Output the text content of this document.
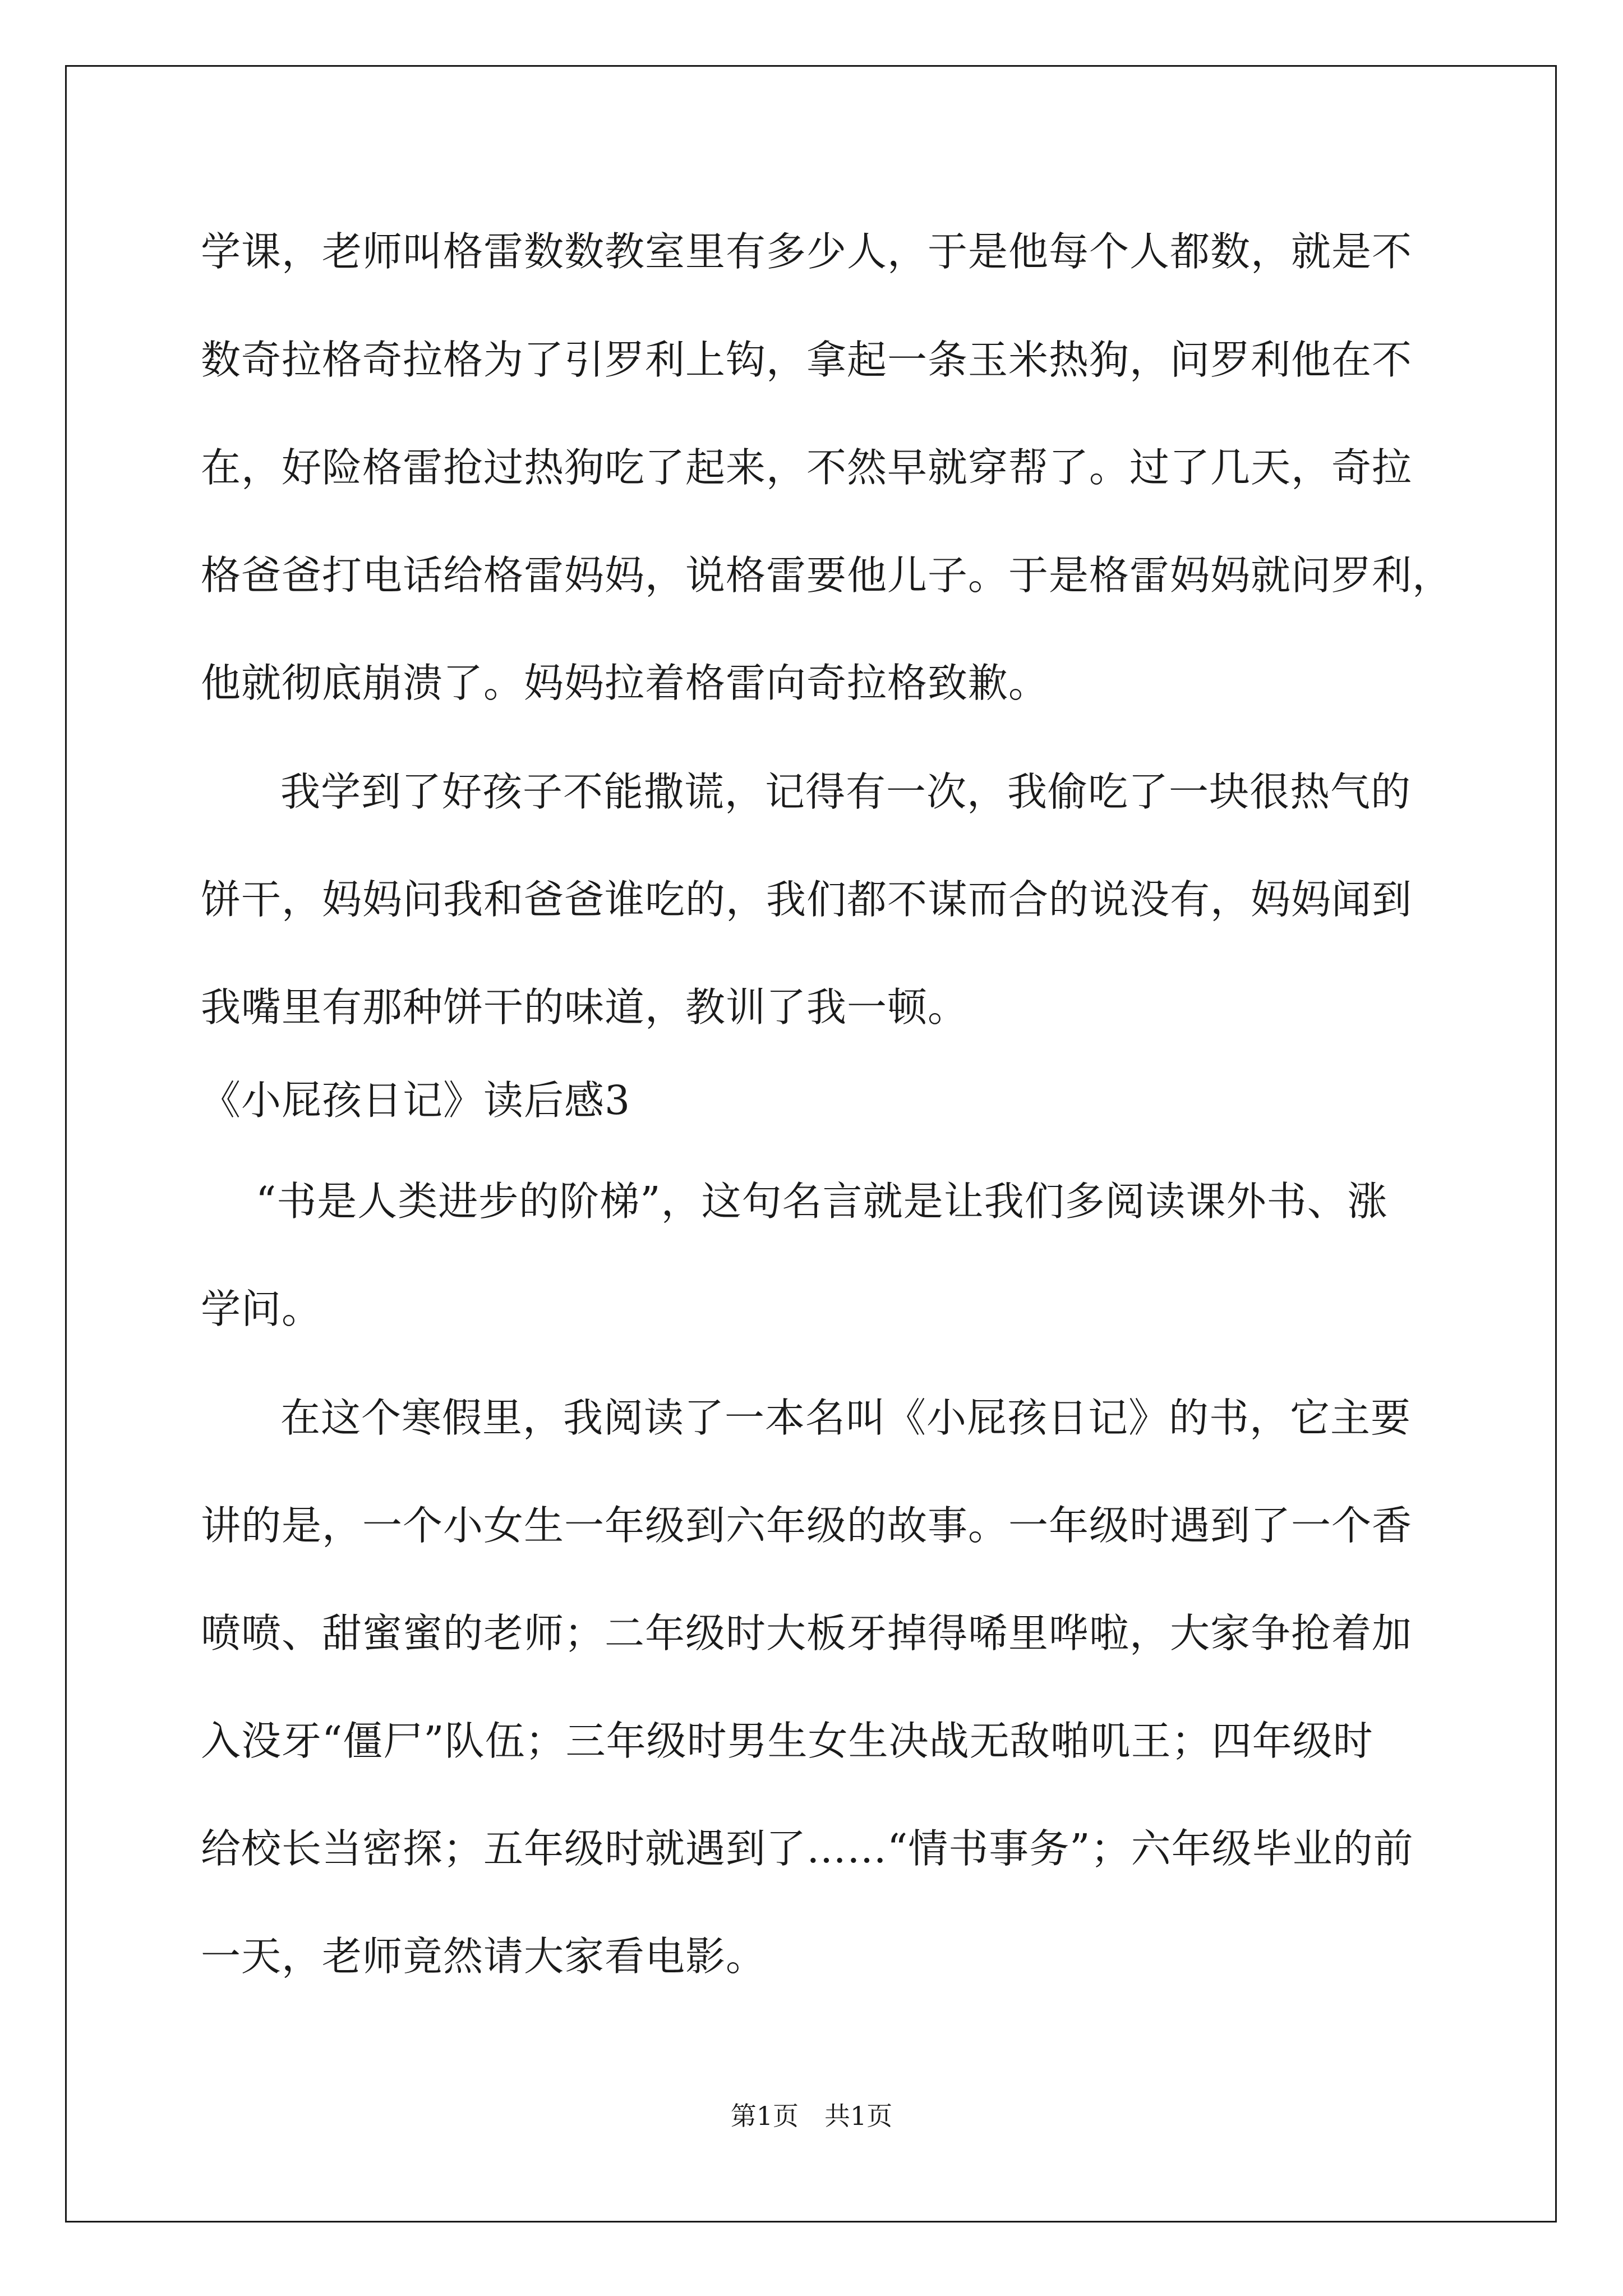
学课，老师叫格雷数数教室里有多少人，于是他每个人都数，就是不
数奇拉格奇拉格为了引罗利上钩，拿起一条玉米热狗，问罗利他在不
在，好险格雷抢过热狗吃了起来，不然早就穿帮了。过了几天，奇拉
格爸爸打电话给格雷妈妈，说格雷要他儿子。于是格雷妈妈就问罗利，
他就彻底崩溃了。妈妈拉着格雷向奇拉格致歉。
我学到了好孩子不能撒谎，记得有一次，我偷吃了一块很热气的
饼干，妈妈问我和爸爸谁吃的，我们都不谋而合的说没有，妈妈闻到
我嘴里有那种饼干的味道，教训了我一顿。
《小屁孩日记》读后感3
“书是人类进步的阶梯”，这句名言就是让我们多阅读课外书、涨
学问。
在这个寒假里，我阅读了一本名叫《小屁孩日记》的书，它主要
讲的是，一个小女生一年级到六年级的故事。一年级时遇到了一个香
喷喷、甜蜜蜜的老师；二年级时大板牙掉得唏里哗啦，大家争抢着加
入没牙“僵尸”队伍；三年级时男生女生决战无敌啪叽王；四年级时
给校长当密探；五年级时就遇到了……“情书事务”；六年级毕业的前
一天，老师竟然请大家看电影。
第1页 共1页
